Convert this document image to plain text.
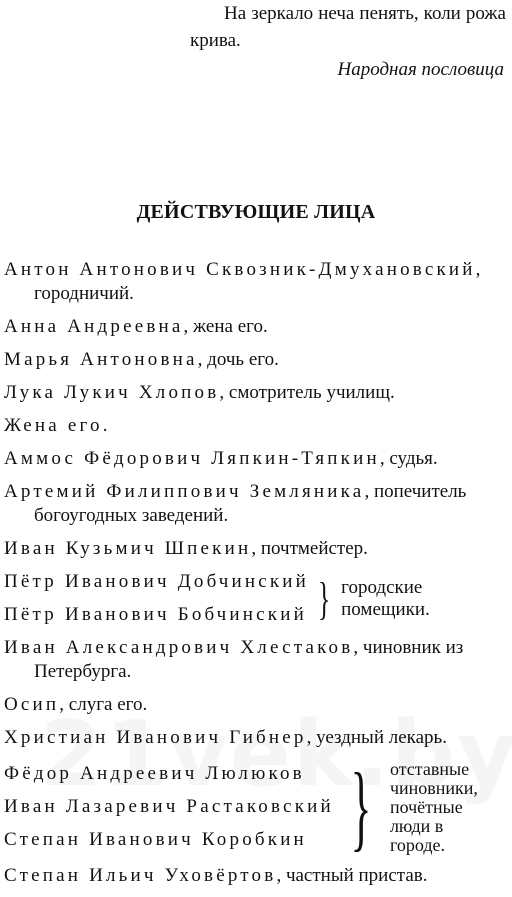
На зеркало неча пенять, коли рожа крива.

Народная пословица
ДЕЙСТВУЮЩИЕ ЛИЦА
Антон Антонович Сквозник-Дмухановский, городничий.
Анна Андреевна, жена его.
Марья Антоновна, дочь его.
Лука Лукич Хлопов, смотритель училищ.
Жена его.
Аммос Фёдорович Ляпкин-Тяпкин, судья.
Артемий Филиппович Земляника, попечитель богоугодных заведений.
Иван Кузьмич Шпекин, почтмейстер.
Пётр Иванович Добчинский
Пётр Иванович Бобчинский } городские помещики.
Иван Александрович Хлестаков, чиновник из Петербурга.
Осип, слуга его.
Христиан Иванович Гибнер, уездный лекарь.
Фёдор Андреевич Люлюков
Иван Лазаревич Растаковский
Степан Иванович Коробкин } отставные чиновники, почётные люди в городе.
Степан Ильич Уховёртов, частный пристав.
